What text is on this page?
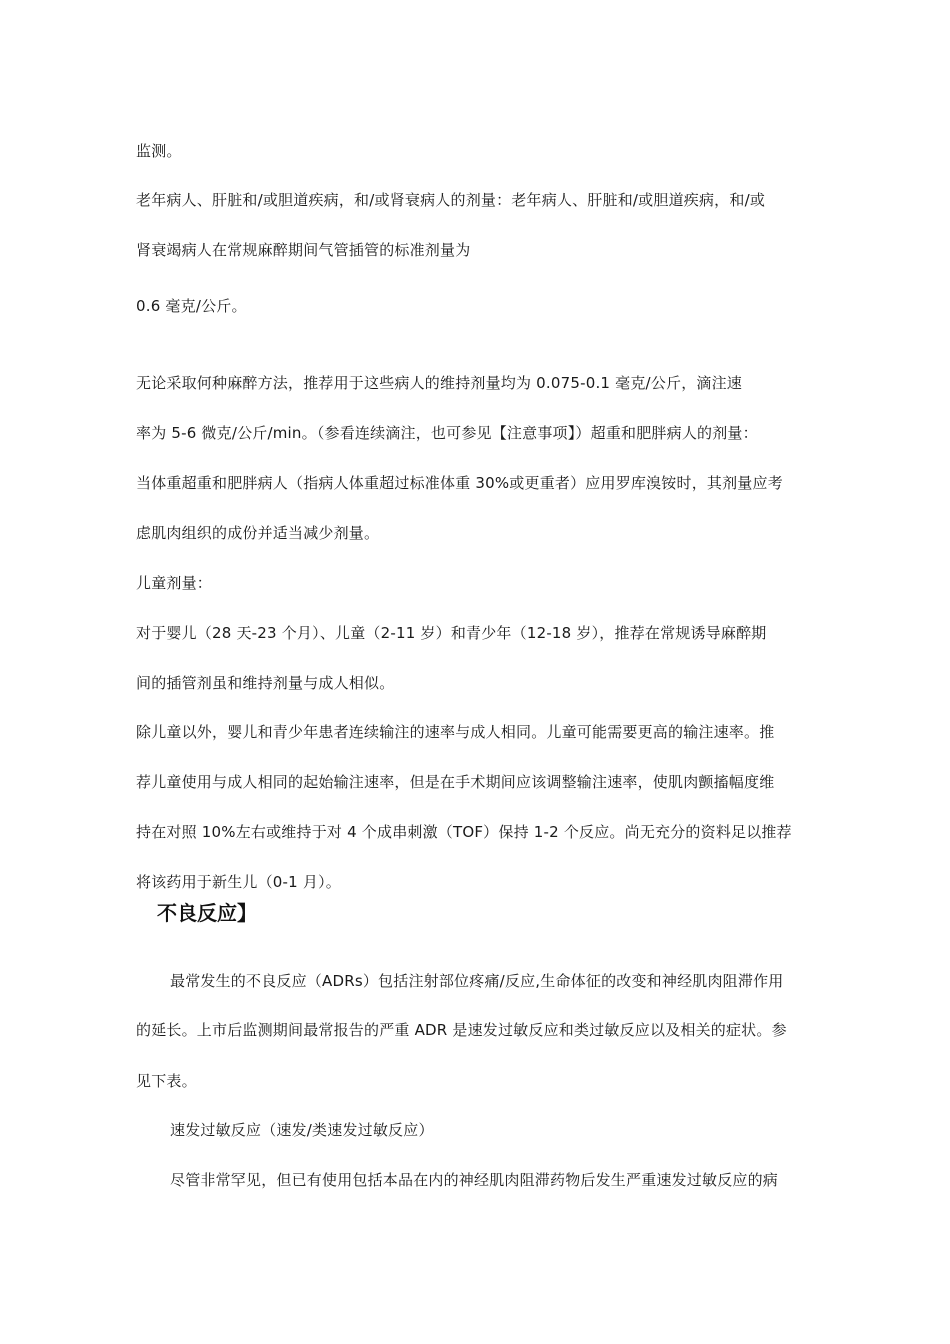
监测。

老年病人、肝脏和/或胆道疾病，和/或肾衰病人的剂量：老年病人、肝脏和/或胆道疾病，和/或

肾衰竭病人在常规麻醉期间气管插管的标准剂量为

0.6 毫克/公斤。

无论采取何种麻醉方法，推荐用于这些病人的维持剂量均为 0.075-0.1 毫克/公斤，滴注速

率为 5-6 微克/公斤/min。（参看连续滴注，也可参见【注意事项】）超重和肥胖病人的剂量：

当体重超重和肥胖病人（指病人体重超过标准体重 30%或更重者）应用罗库溴铵时，其剂量应考

虑肌肉组织的成份并适当减少剂量。

儿童剂量：

对于婴儿（28 天-23 个月）、儿童（2-11 岁）和青少年（12-18 岁），推荐在常规诱导麻醉期

间的插管剂虽和维持剂量与成人相似。

除儿童以外，婴儿和青少年患者连续输注的速率与成人相同。儿童可能需要更高的输注速率。推

荐儿童使用与成人相同的起始输注速率，但是在手术期间应该调整输注速率，使肌肉颤搐幅度维

持在对照 10%左右或维持于对 4 个成串刺激（TOF）保持 1-2 个反应。尚无充分的资料足以推荐

将该药用于新生儿（0-1 月）。

不良反应】

最常发生的不良反应（ADRs）包括注射部位疼痛/反应,生命体征的改变和神经肌肉阻滞作用

的延长。上市后监测期间最常报告的严重 ADR 是速发过敏反应和类过敏反应以及相关的症状。参

见下表。

速发过敏反应（速发/类速发过敏反应）

尽管非常罕见，但已有使用包括本品在内的神经肌肉阻滞药物后发生严重速发过敏反应的病
